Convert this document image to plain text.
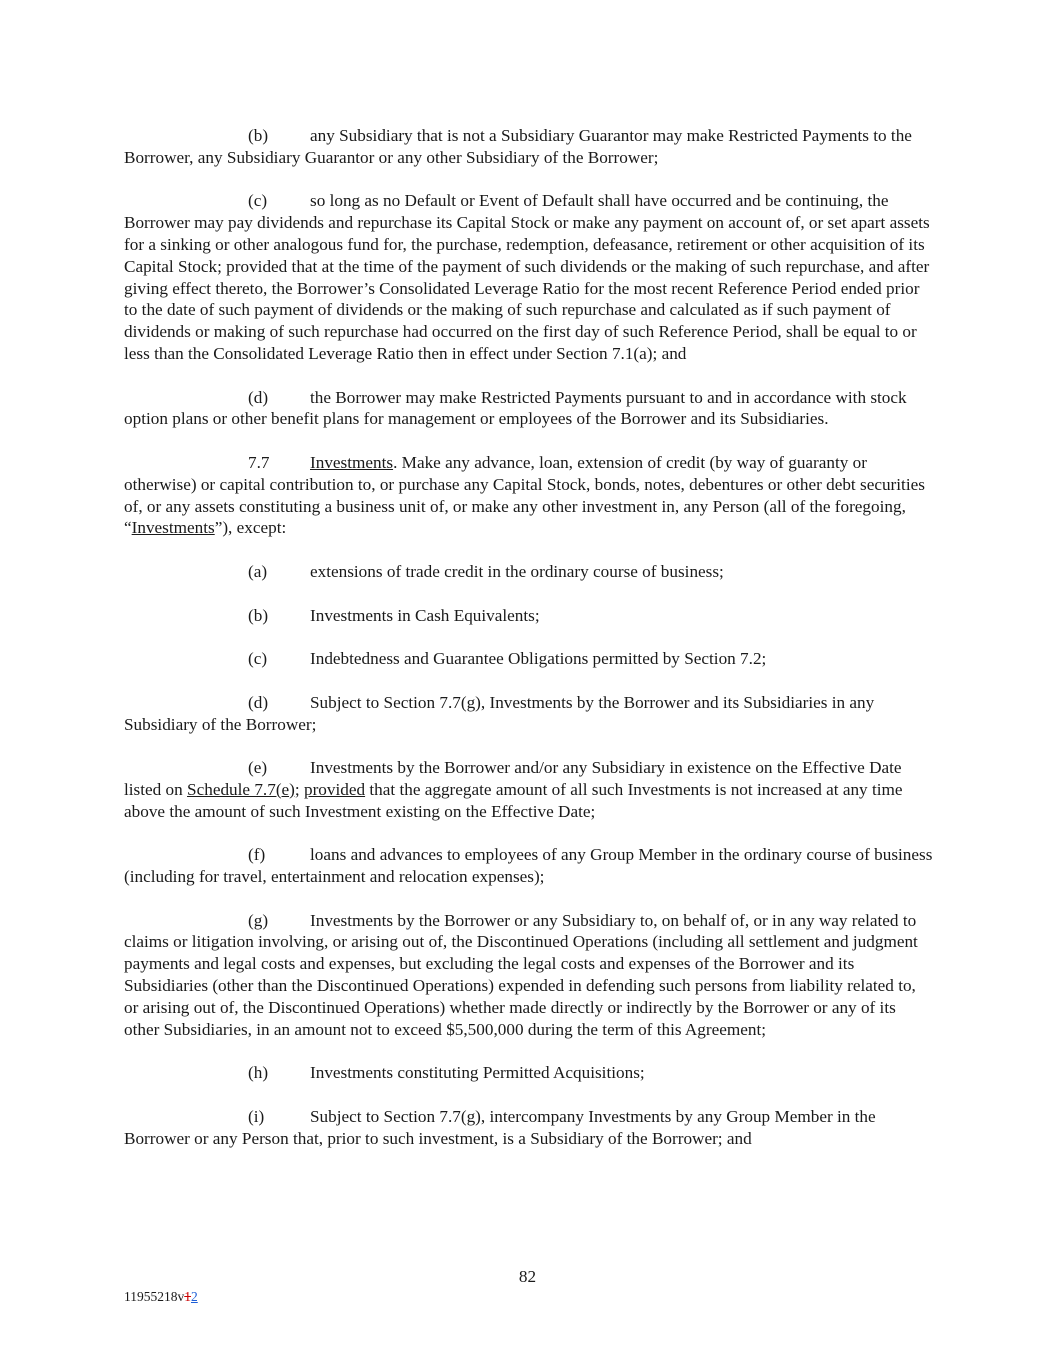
(b) any Subsidiary that is not a Subsidiary Guarantor may make Restricted Payments to the Borrower, any Subsidiary Guarantor or any other Subsidiary of the Borrower;

(c) so long as no Default or Event of Default shall have occurred and be continuing, the Borrower may pay dividends and repurchase its Capital Stock or make any payment on account of, or set apart assets for a sinking or other analogous fund for, the purchase, redemption, defeasance, retirement or other acquisition of its Capital Stock; provided that at the time of the payment of such dividends or the making of such repurchase, and after giving effect thereto, the Borrower’s Consolidated Leverage Ratio for the most recent Reference Period ended prior to the date of such payment of dividends or the making of such repurchase and calculated as if such payment of dividends or making of such repurchase had occurred on the first day of such Reference Period, shall be equal to or less than the Consolidated Leverage Ratio then in effect under Section 7.1(a); and

(d) the Borrower may make Restricted Payments pursuant to and in accordance with stock option plans or other benefit plans for management or employees of the Borrower and its Subsidiaries.

7.7 Investments. Make any advance, loan, extension of credit (by way of guaranty or otherwise) or capital contribution to, or purchase any Capital Stock, bonds, notes, debentures or other debt securities of, or any assets constituting a business unit of, or make any other investment in, any Person (all of the foregoing, “Investments”), except:

(a) extensions of trade credit in the ordinary course of business;

(b) Investments in Cash Equivalents;

(c) Indebtedness and Guarantee Obligations permitted by Section 7.2;

(d) Subject to Section 7.7(g), Investments by the Borrower and its Subsidiaries in any Subsidiary of the Borrower;

(e) Investments by the Borrower and/or any Subsidiary in existence on the Effective Date listed on Schedule 7.7(e); provided that the aggregate amount of all such Investments is not increased at any time above the amount of such Investment existing on the Effective Date;

(f)	loans and advances to employees of any Group Member in the ordinary course of business (including for travel, entertainment and relocation expenses);

(g) Investments by the Borrower or any Subsidiary to, on behalf of, or in any way related to claims or litigation involving, or arising out of, the Discontinued Operations (including all settlement and judgment payments and legal costs and expenses, but excluding the legal costs and expenses of the Borrower and its Subsidiaries (other than the Discontinued Operations) expended in defending such persons from liability related to, or arising out of, the Discontinued Operations) whether made directly or indirectly by the Borrower or any of its other Subsidiaries, in an amount not to exceed $5,500,000 during the term of this Agreement;

(h) Investments constituting Permitted Acquisitions;

(i)	Subject to Section 7.7(g), intercompany Investments by any Group Member in the Borrower or any Person that, prior to such investment, is a Subsidiary of the Borrower; and

82
11955218v12
